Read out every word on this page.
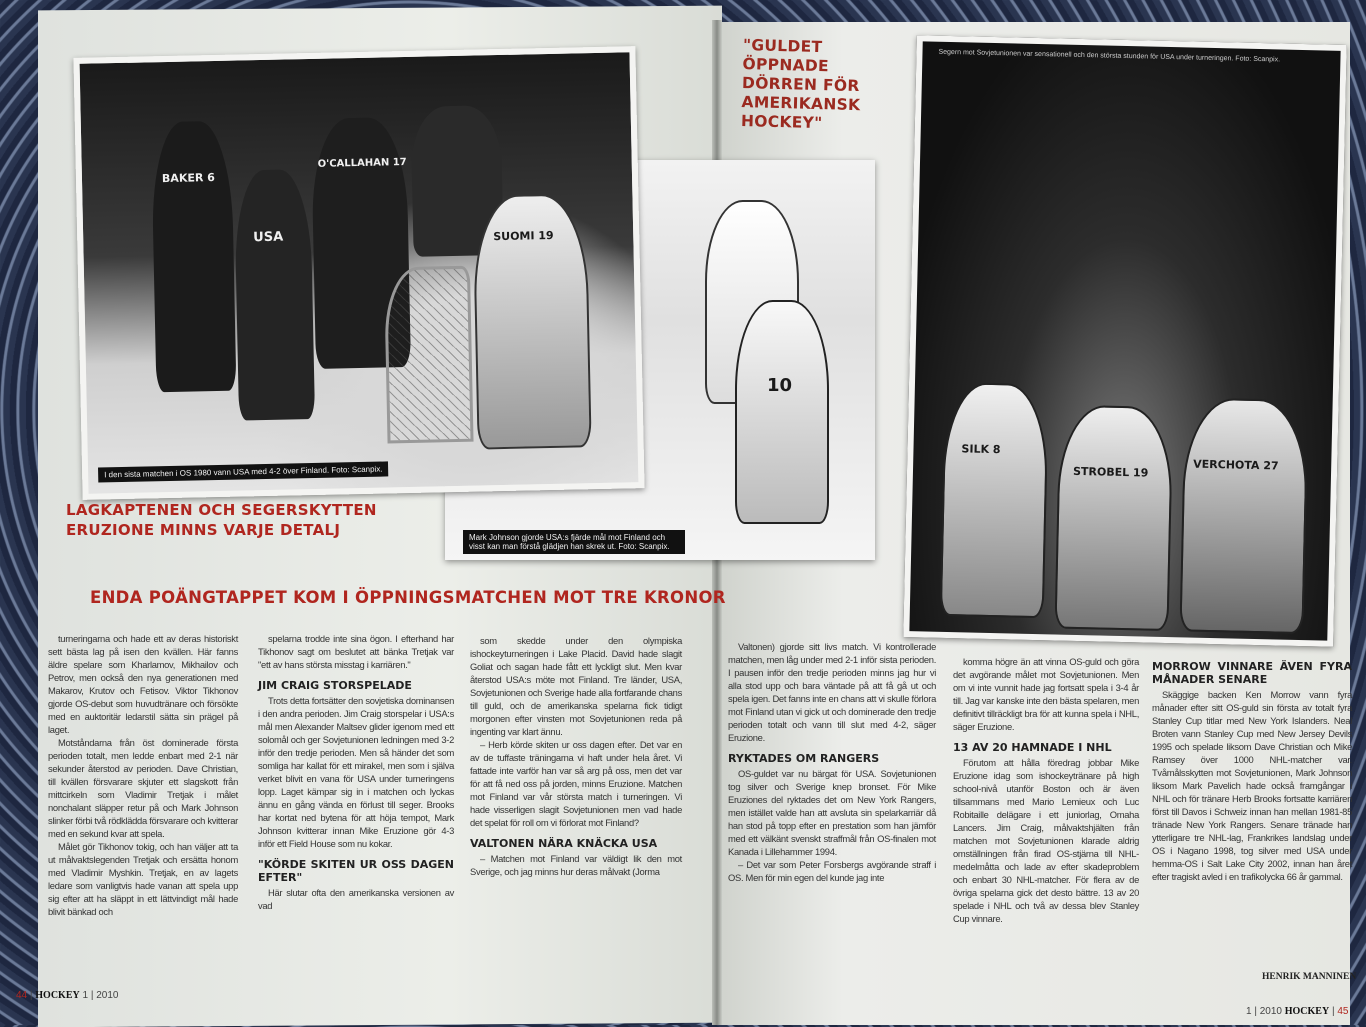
10
Mark Johnson gjorde USA:s fjärde mål mot Finland och visst kan man förstå glädjen han skrek ut. Foto: Scanpix.
BAKER 6
USA
O'CALLAHAN 17
SUOMI 19
I den sista matchen i OS 1980 vann USA med 4-2 över Finland. Foto: Scanpix.
Segern mot Sovjetunionen var sensationell och den största stunden för USA under turneringen. Foto: Scanpix.
SILK 8
STROBEL 19	VERCHOTA 27
"GULDET ÖPPNADE DÖRREN FÖR AMERIKANSK HOCKEY"
LAGKAPTENEN OCH SEGERSKYTTEN
ERUZIONE MINNS VARJE DETALJ
ENDA POÄNGTAPPET KOM I ÖPPNINGSMATCHEN MOT TRE KRONOR

turneringarna och hade ett av deras historiskt sett bästa lag på isen den kvällen. Här fanns äldre spelare som Kharlamov, Mikhailov och Petrov, men också den nya generationen med Makarov, Krutov och Fetisov. Viktor Tikhonov gjorde OS-debut som huvudtränare och försökte med en auktoritär ledarstil sätta sin prägel på laget.

Motståndarna från öst dominerade första perioden totalt, men ledde enbart med 2-1 när sekunder återstod av perioden. Dave Christian, till kvällen försvarare skjuter ett slagskott från mittcirkeln som Vladimir Tretjak i målet nonchalant släpper retur på och Mark Johnson slinker förbi två rödklädda försvarare och kvitterar med en sekund kvar att spela.

Målet gör Tikhonov tokig, och han väljer att ta ut målvaktslegenden Tretjak och ersätta honom med Vladimir Myshkin. Tretjak, en av lagets ledare som vanligtvis hade vanan att spela upp sig efter att ha släppt in ett lättvindigt mål hade blivit bänkad och

spelarna trodde inte sina ögon. I efterhand har Tikhonov sagt om beslutet att bänka Tretjak var "ett av hans största misstag i karriären."

JIM CRAIG STORSPELADE

Trots detta fortsätter den sovjetiska dominansen i den andra perioden. Jim Craig storspelar i USA:s mål men Alexander Maltsev glider igenom med ett solomål och ger Sovjetunionen ledningen med 3-2 inför den tredje perioden. Men så händer det som somliga har kallat för ett mirakel, men som i själva verket blivit en vana för USA under turneringens lopp. Laget kämpar sig in i matchen och lyckas ännu en gång vända en förlust till seger. Brooks har kortat ned bytena för att höja tempot, Mark Johnson kvitterar innan Mike Eruzione gör 4-3 inför ett Field House som nu kokar.

"KÖRDE SKITEN UR OSS DAGEN EFTER"

Här slutar ofta den amerikanska versionen av vad

som skedde under den olympiska ishockeyturneringen i Lake Placid. David hade slagit Goliat och sagan hade fått ett lyckligt slut. Men kvar återstod USA:s möte mot Finland. Tre länder, USA, Sovjetunionen och Sverige hade alla fortfarande chans till guld, och de amerikanska spelarna fick tidigt morgonen efter vinsten mot Sovjetunionen reda på ingenting var klart ännu.

– Herb körde skiten ur oss dagen efter. Det var en av de tuffaste träningarna vi haft under hela året. Vi fattade inte varför han var så arg på oss, men det var för att få ned oss på jorden, minns Eruzione. Matchen mot Finland var vår största match i turneringen. Vi hade visserligen slagit Sovjetunionen men vad hade det spelat för roll om vi förlorat mot Finland?

VALTONEN NÄRA KNÄCKA USA

– Matchen mot Finland var väldigt lik den mot Sverige, och jag minns hur deras målvakt (Jorma

Valtonen) gjorde sitt livs match. Vi kontrollerade matchen, men låg under med 2-1 inför sista perioden. I pausen inför den tredje perioden minns jag hur vi alla stod upp och bara väntade på att få gå ut och spela igen. Det fanns inte en chans att vi skulle förlora mot Finland utan vi gick ut och dominerade den tredje perioden totalt och vann till slut med 4-2, säger Eruzione.

RYKTADES OM RANGERS

OS-guldet var nu bärgat för USA. Sovjetunionen tog silver och Sverige knep bronset. För Mike Eruziones del ryktades det om New York Rangers, men istället valde han att avsluta sin spelarkarriär då han stod på topp efter en prestation som han jämför med ett välkänt svenskt straffmål från OS-finalen mot Kanada i Lillehammer 1994.

– Det var som Peter Forsbergs avgörande straff i OS. Men för min egen del kunde jag inte

komma högre än att vinna OS-guld och göra det avgörande målet mot Sovjetunionen. Men om vi inte vunnit hade jag fortsatt spela i 3-4 år till. Jag var kanske inte den bästa spelaren, men definitivt tillräckligt bra för att kunna spela i NHL, säger Eruzione.

13 AV 20 HAMNADE I NHL

Förutom att hålla föredrag jobbar Mike Eruzione idag som ishockeytränare på high school-nivå utanför Boston och är även tillsammans med Mario Lemieux och Luc Robitaille delägare i ett juniorlag, Omaha Lancers. Jim Craig, målvaktshjälten från matchen mot Sovjetunionen klarade aldrig omställningen från firad OS-stjärna till NHL-medelmåtta och lade av efter skadeproblem och enbart 30 NHL-matcher. För flera av de övriga spelarna gick det desto bättre. 13 av 20 spelade i NHL och två av dessa blev Stanley Cup vinnare.

MORROW VINNARE ÄVEN FYRA MÅNADER SENARE

Skäggige backen Ken Morrow vann fyra månader efter sitt OS-guld sin första av totalt fyra Stanley Cup titlar med New York Islanders. Neal Broten vann Stanley Cup med New Jersey Devils 1995 och spelade liksom Dave Christian och Mike Ramsey över 1000 NHL-matcher var. Tvåmålsskytten mot Sovjetunionen, Mark Johnson liksom Mark Pavelich hade också framgångar i NHL och för tränare Herb Brooks fortsatte karriären först till Davos i Schweiz innan han mellan 1981-85 tränade New York Rangers. Senare tränade han ytterligare tre NHL-lag, Frankrikes landslag under OS i Nagano 1998, tog silver med USA under hemma-OS i Salt Lake City 2002, innan han året efter tragiskt avled i en trafikolycka 66 år gammal.

HENRIK MANNINEN
44 | HOCKEY 1 | 2010
1 | 2010 HOCKEY | 45
